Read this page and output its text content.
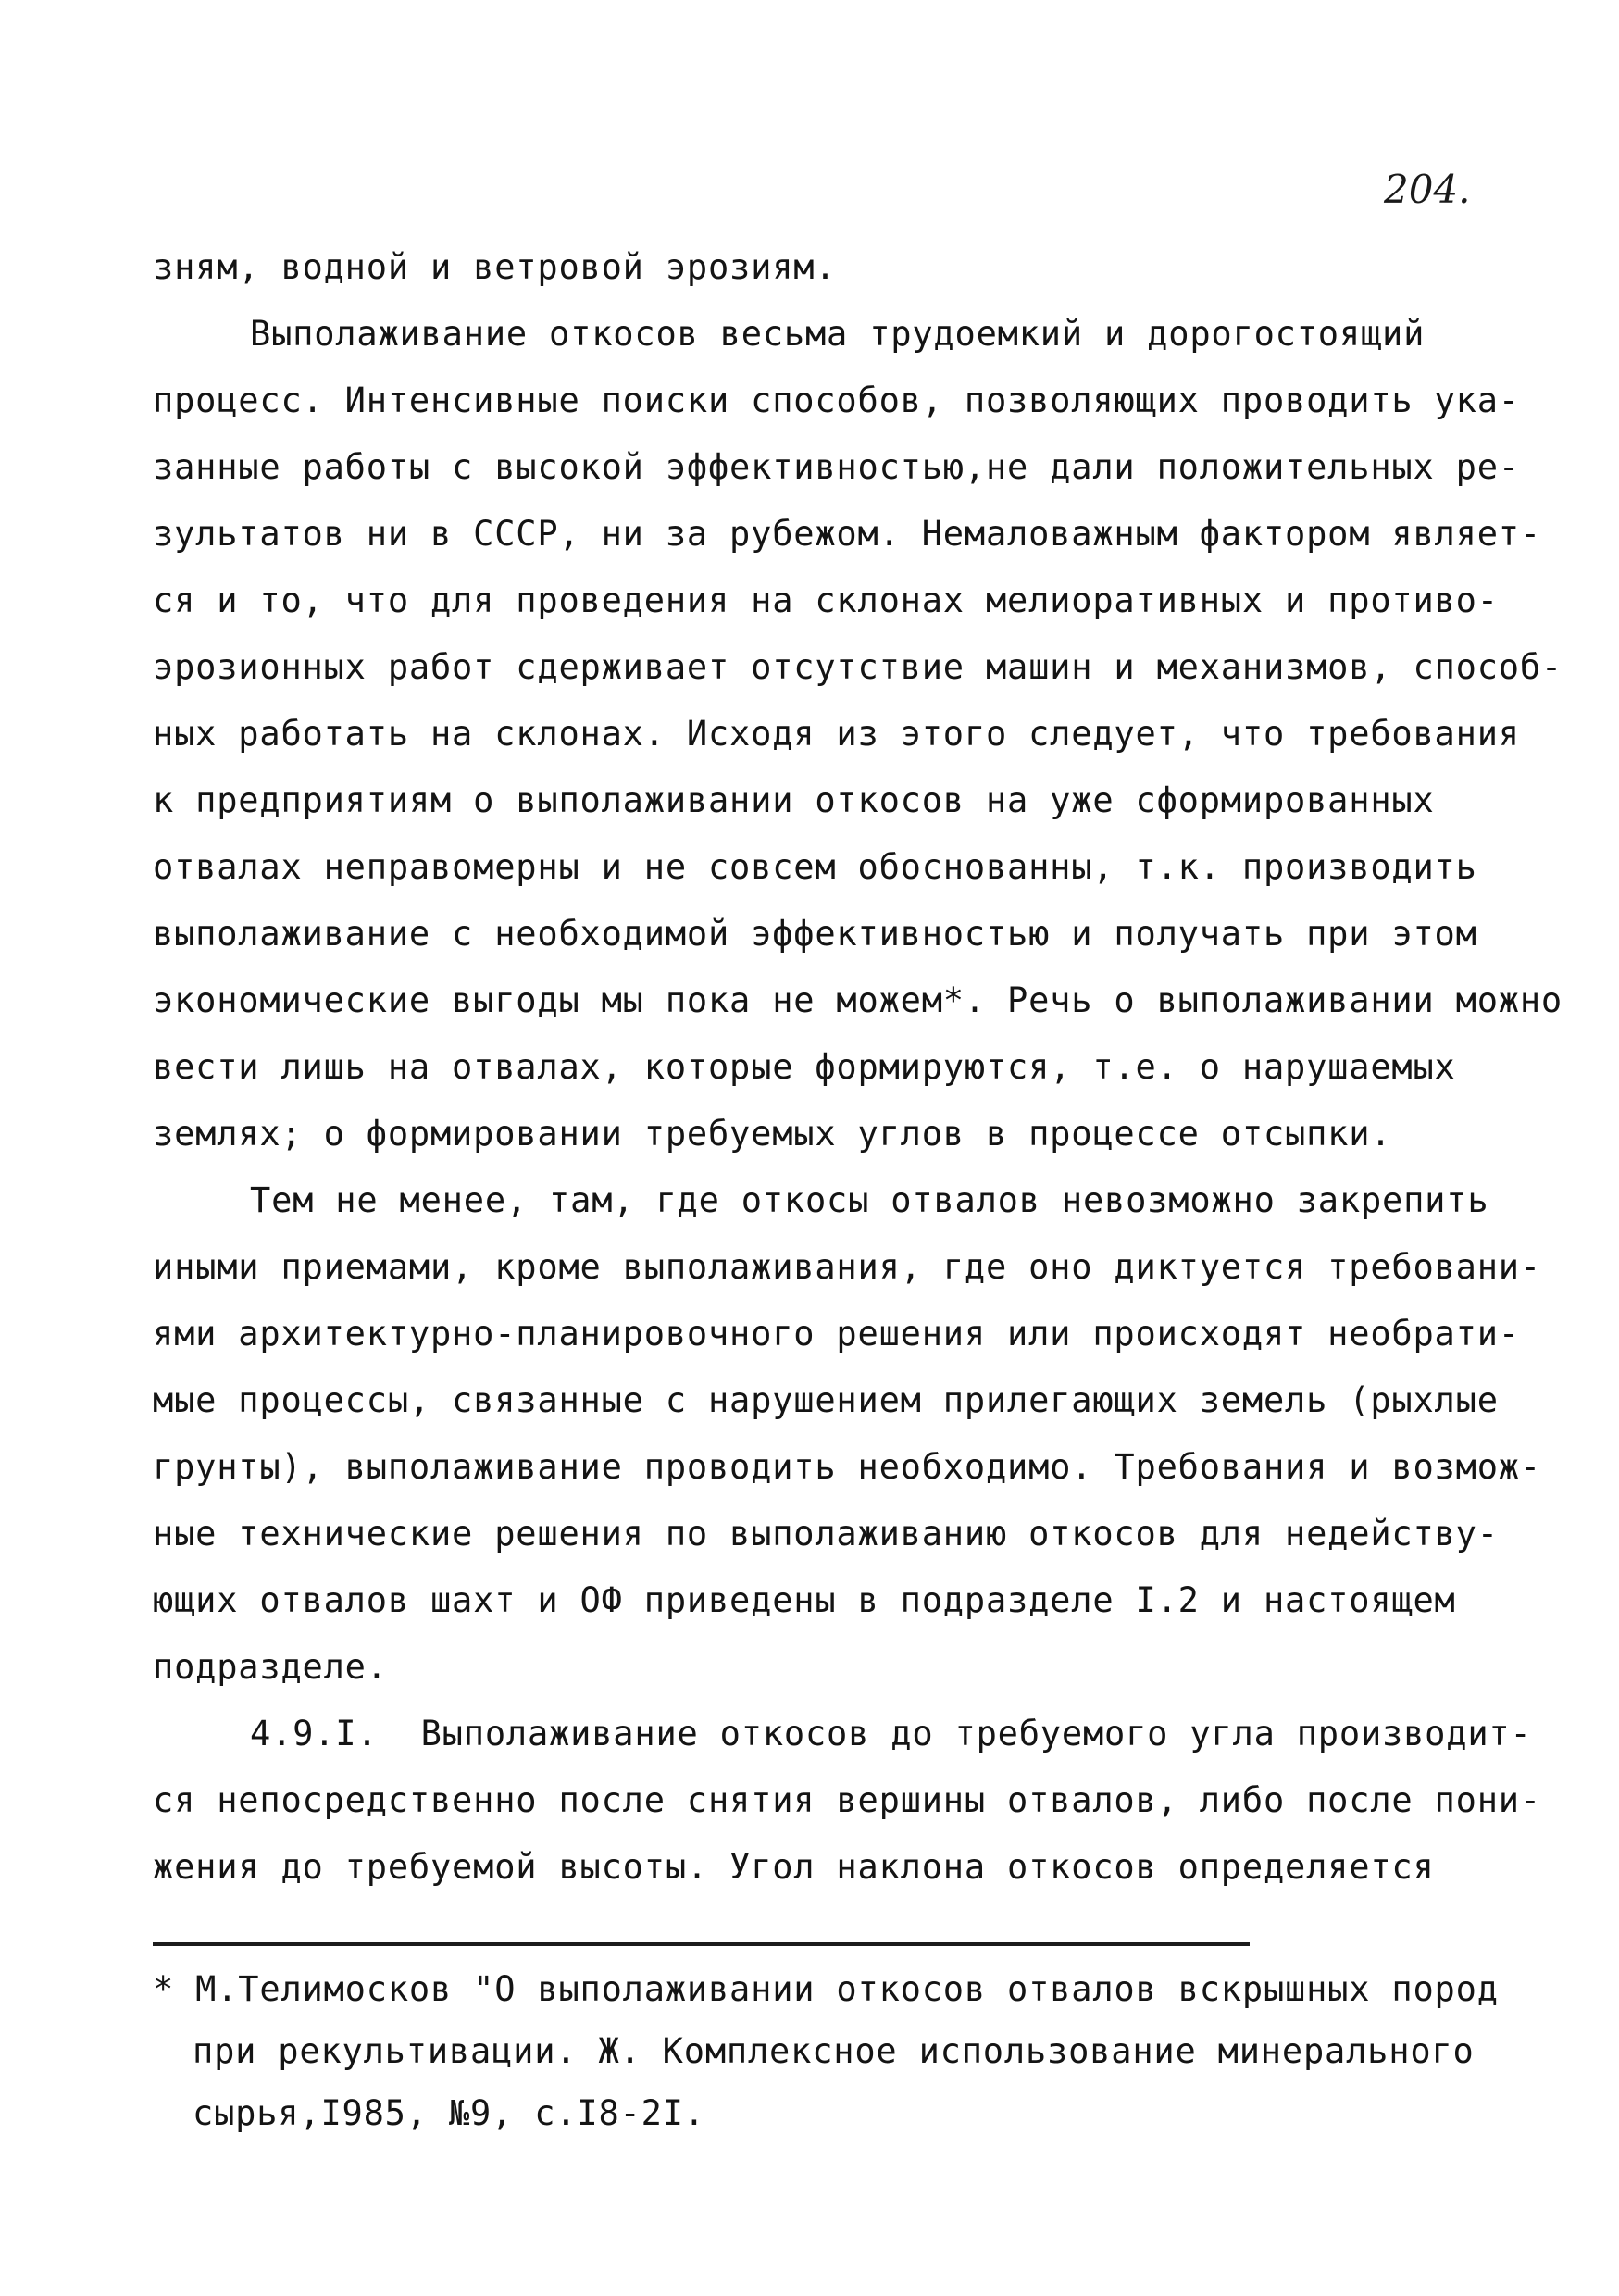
204.
зням, водной и ветровой эрозиям.
Выполаживание откосов весьма трудоемкий и дорогостоящий
процесс. Интенсивные поиски способов, позволяющих проводить ука-
занные работы с высокой эффективностью,не дали положительных ре-
зультатов ни в СССР, ни за рубежом. Немаловажным фактором являет-
ся и то, что для проведения на склонах мелиоративных и противо-
эрозионных работ сдерживает отсутствие машин и механизмов, способ-
ных работать на склонах. Исходя из этого следует, что требования
к предприятиям о выполаживании откосов на уже сформированных
отвалах неправомерны и не совсем обоснованны, т.к. производить
выполаживание с необходимой эффективностью и получать при этом
экономические выгоды мы пока не можем*. Речь о выполаживании можно
вести лишь на отвалах, которые формируются, т.е. о нарушаемых
землях; о формировании требуемых углов в процессе отсыпки.
Тем не менее, там, где откосы отвалов невозможно закрепить
иными приемами, кроме выполаживания, где оно диктуется требовани-
ями архитектурно-планировочного решения или происходят необрати-
мые процессы, связанные с нарушением прилегающих земель (рыхлые
грунты), выполаживание проводить необходимо. Требования и возмож-
ные технические решения по выполаживанию откосов для недейству-
ющих отвалов шахт и ОФ приведены в подразделе I.2 и настоящем
подразделе.
4.9.I.  Выполаживание откосов до требуемого угла производит-
ся непосредственно после снятия вершины отвалов, либо после пони-
жения до требуемой высоты. Угол наклона откосов определяется
* М.Телимосков "О выполаживании откосов отвалов вскрышных пород
при рекультивации. Ж. Комплексное использование минерального
сырья,I985, №9, с.I8-2I.
